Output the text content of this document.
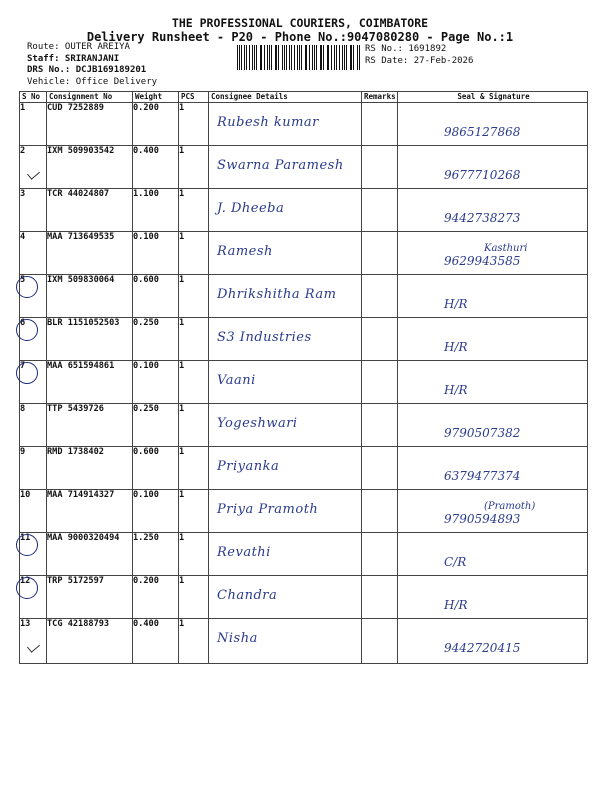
THE PROFESSIONAL COURIERS, COIMBATORE
Delivery Runsheet - P20 - Phone No.:9047080280 - Page No.:1
Route: OUTER AREIYA
Staff: SRIRANJANI
DRS No.: DCJB169189201
Vehicle: Office Delivery
RS No.: 1691892
RS Date: 27-Feb-2026
S No	Consignment No	Weight	PCS	Consignee Details	Remarks	Seal & Signature
1	CUD 7252889	0.200	1	Rubesh kumar		9865127868

2	IXM 509903542	0.400	1	Swarna Paramesh		9677710268

3	TCR 44024807	1.100	1	J. Dheeba		9442738273

4	MAA 713649535	0.100	1	Ramesh		Kasthuri
9629943585

5	IXM 509830064	0.600	1	Dhrikshitha Ram		H/R

6	BLR 1151052503	0.250	1	S3 Industries		H/R

7	MAA 651594861	0.100	1	Vaani		H/R

8	TTP 5439726	0.250	1	Yogeshwari		9790507382

9	RMD 1738402	0.600	1	Priyanka		6379477374

10	MAA 714914327	0.100	1	Priya Pramoth		(Pramoth)
9790594893

11	MAA 9000320494	1.250	1	Revathi		C/R

12	TRP 5172597	0.200	1	Chandra		H/R

13	TCG 42188793	0.400	1	Nisha		9442720415
